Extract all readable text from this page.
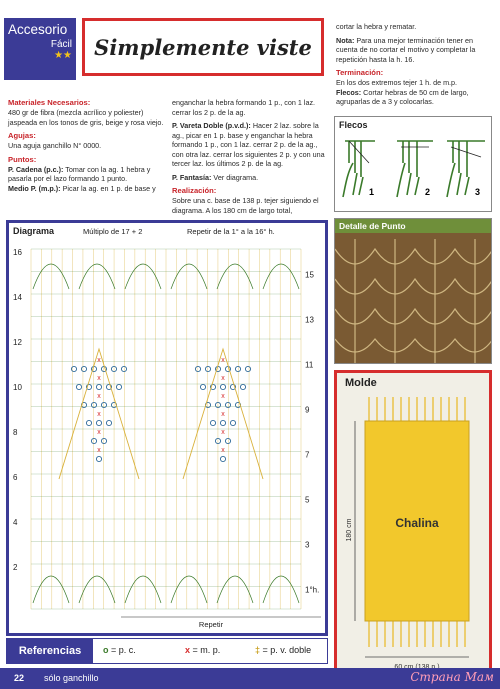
Accesorio
Fácil
★★ Simplemente viste
Materiales Necesarios:

480 gr de fibra (mezcla acrílico y poliester) jaspeada en los tonos de gris, beige y rosa viejo.

Agujas:

Una aguja ganchillo N° 0000.

Puntos:
P. Cadena (p.c.): Tomar con la ag. 1 hebra y pasarla por el lazo formando 1 punto.
Medio P. (m.p.): Picar la ag. en 1 p. de base y

enganchar la hebra formando 1 p., con 1 laz. cerrar los 2 p. de la ag.

P. Vareta Doble (p.v.d.): Hacer 2 laz. sobre la ag., picar en 1 p. base y enganchar la hebra formando 1 p., con 1 laz. cerrar 2 p. de la ag., con otra laz. cerrar los siguientes 2 p. y con una tercer laz. los últimos 2 p. de la ag.

P. Fantasía: Ver diagrama.

Realización:

Sobre una c. base de 138 p. tejer siguiendo el diagrama. A los 180 cm de largo total,

cortar la hebra y rematar.

Nota: Para una mejor terminación tener en cuenta de no cortar el motivo y completar la repetición hasta la h. 16.

Terminación:
En los dos extremos tejer 1 h. de m.p.
Flecos: Cortar hebras de 50 cm de largo, agruparlas de a 3 y colocarlas.
Flecos
1	2	3
Detalle de Punto
Molde
Chalina
180 cm
Diagrama	Múltiplo de 17 + 2	Repetir de la 1° a la 16° h.
x
x
x
x
x
x
x
x
x
x
x
x
16
14
12
10
8
6
4
2
15
13
11
9
7
5
3
1°h.
Repetir
Referencias	o = p. c.	x = m. p.	‡ = p. v. doble
22 sólo ganchillo	Страна Мам
